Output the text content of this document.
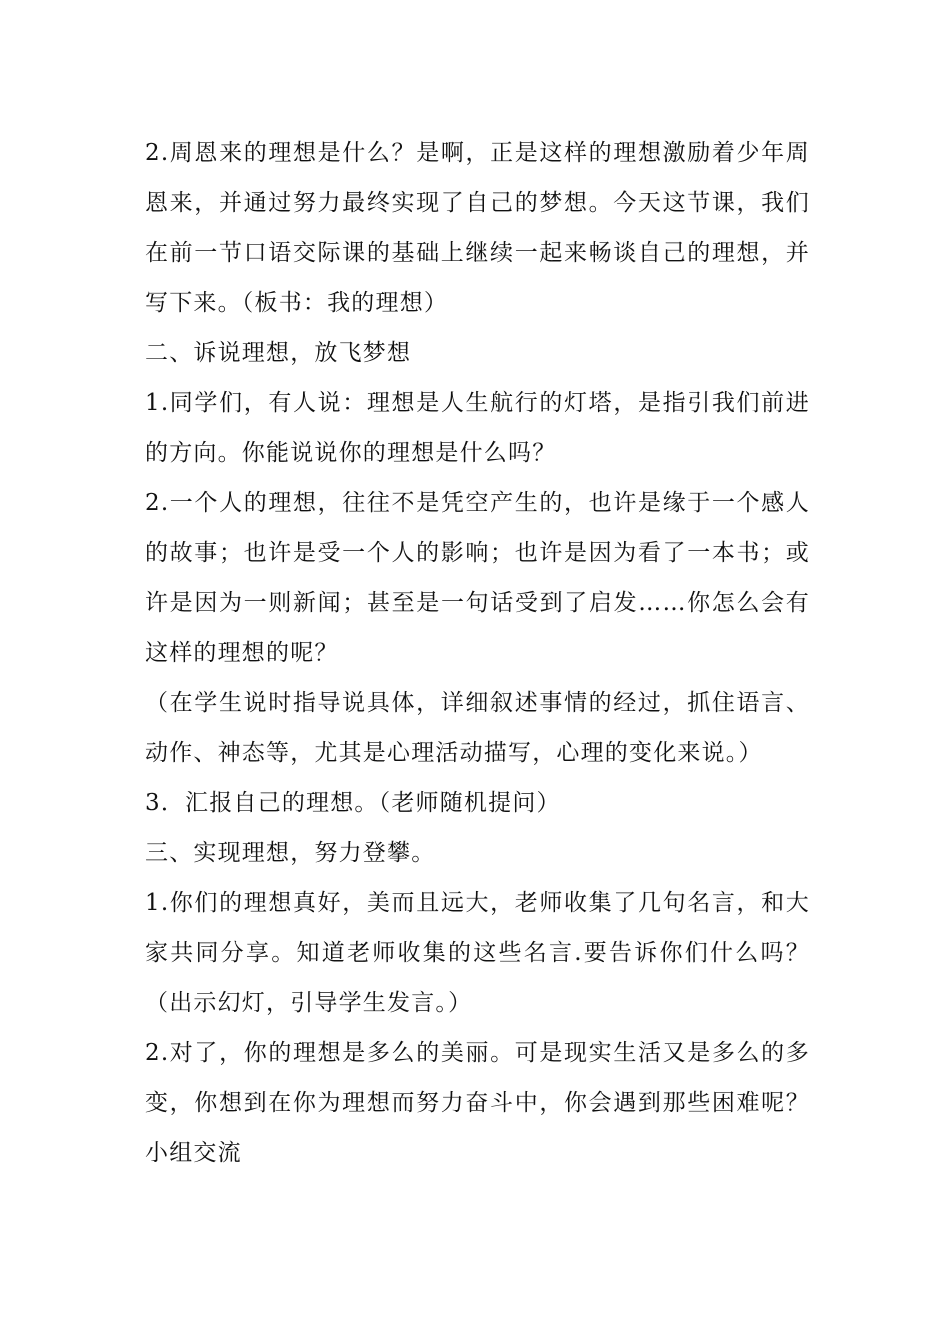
2.周恩来的理想是什么？是啊，正是这样的理想激励着少年周恩来，并通过努力最终实现了自己的梦想。今天这节课，我们在前一节口语交际课的基础上继续一起来畅谈自己的理想，并写下来。（板书：我的理想）

二、诉说理想，放飞梦想

1.同学们，有人说：理想是人生航行的灯塔，是指引我们前进的方向。你能说说你的理想是什么吗？

2.一个人的理想，往往不是凭空产生的，也许是缘于一个感人的故事；也许是受一个人的影响；也许是因为看了一本书；或许是因为一则新闻；甚至是一句话受到了启发……你怎么会有这样的理想的呢？

（在学生说时指导说具体，详细叙述事情的经过，抓住语言、动作、神态等，尤其是心理活动描写，心理的变化来说。）

3．汇报自己的理想。（老师随机提问）

三、实现理想，努力登攀。

1.你们的理想真好，美而且远大，老师收集了几句名言，和大家共同分享。知道老师收集的这些名言.要告诉你们什么吗？（出示幻灯，引导学生发言。）

2.对了，你的理想是多么的美丽。可是现实生活又是多么的多变，你想到在你为理想而努力奋斗中，你会遇到那些困难呢？小组交流
